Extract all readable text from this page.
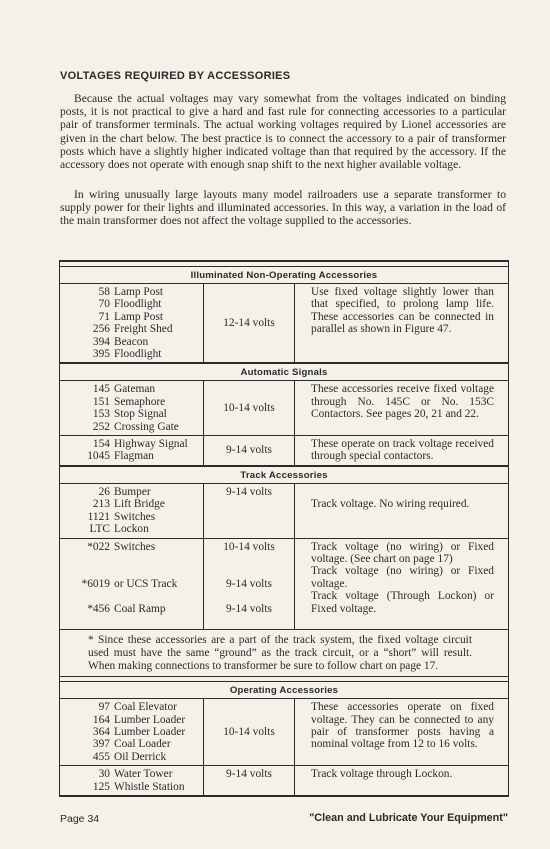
VOLTAGES REQUIRED BY ACCESSORIES

Because the actual voltages may vary somewhat from the voltages indicated on binding posts, it is not practical to give a hard and fast rule for connecting accessories to a particular pair of transformer terminals. The actual working voltages required by Lionel accessories are given in the chart below. The best practice is to connect the accessory to a pair of transformer posts which have a slightly higher indicated voltage than that required by the accessory. If the accessory does not operate with enough snap shift to the next higher available voltage.

In wiring unusually large layouts many model railroaders use a separate transformer to supply power for their lights and illuminated accessories. In this way, a variation in the load of the main transformer does not affect the voltage supplied to the accessories.

Illuminated Non-Operating Accessories
58 Lamp Post
70 Floodlight
71 Lamp Post
256 Freight Shed
394 Beacon
395 Floodlight
12-14 volts
Use fixed voltage slightly lower than that specified, to prolong lamp life. These accessories can be connected in parallel as shown in Figure 47.
Automatic Signals
145 Gateman
151 Semaphore
153 Stop Signal
252 Crossing Gate
10-14 volts
These accessories receive fixed voltage through No. 145C or No. 153C Contactors. See pages 20, 21 and 22.
154 Highway Signal
1045 Flagman
9-14 volts
These operate on track voltage received through special contactors.
Track Accessories
26 Bumper
213 Lift Bridge
1121 Switches
LTC Lockon
9-14 volts
Track voltage. No wiring required.
*022 Switches

*6019 or UCS Track

*456 Coal Ramp

10-14 volts
9-14 volts
9-14 volts
Track voltage (no wiring) or Fixed voltage. (See chart on page 17)
Track voltage (no wiring) or Fixed voltage.
Track voltage (Through Lockon) or Fixed voltage.
* Since these accessories are a part of the track system, the fixed voltage circuit used must have the same “ground” as the track circuit, or a “short” will result. When making connections to transformer be sure to follow chart on page 17.
Operating Accessories
97 Coal Elevator
164 Lumber Loader
364 Lumber Loader
397 Coal Loader
455 Oil Derrick
10-14 volts
These accessories operate on fixed voltage. They can be connected to any pair of transformer posts having a nominal voltage from 12 to 16 volts.
30 Water Tower
125 Whistle Station
9-14 volts	Track voltage through Lockon.
Page 34	"Clean and Lubricate Your Equipment"
